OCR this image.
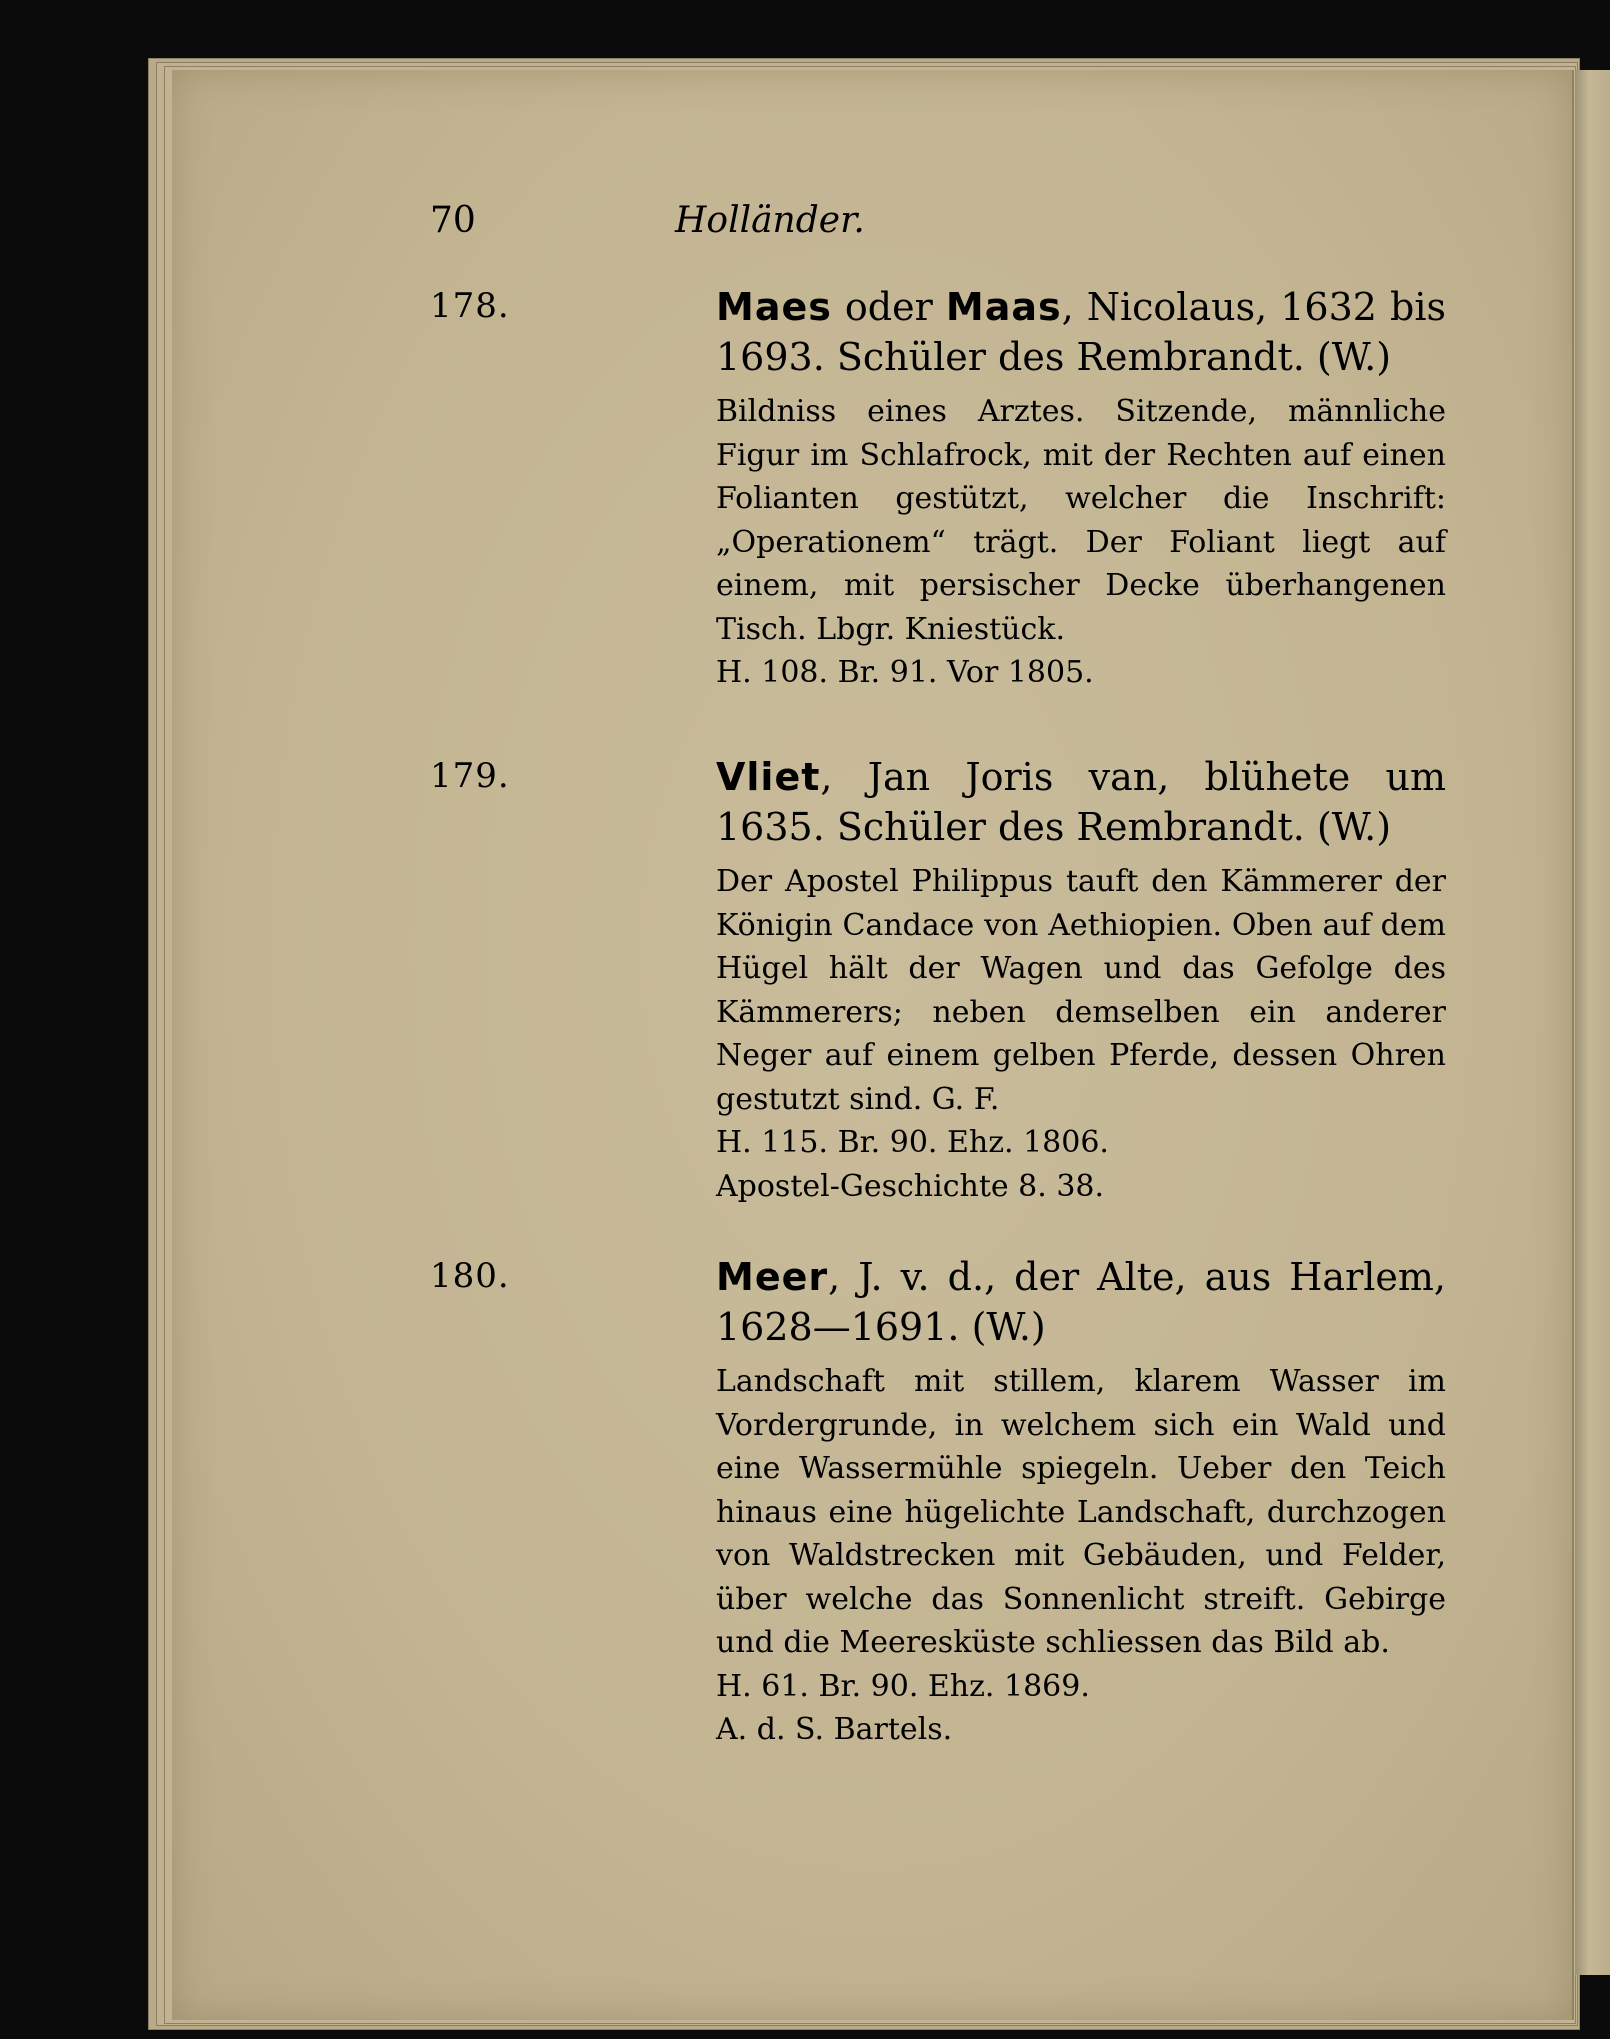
70	Holländer.
178.	Maes oder Maas, Nicolaus, 1632 bis 1693. Schüler des Rembrandt. (W.)

Bildniss eines Arztes. Sitzende, männliche Figur im Schlafrock, mit der Rechten auf einen Folianten gestützt, welcher die Inschrift: „Operationem“ trägt. Der Foliant liegt auf einem, mit persischer Decke überhangenen Tisch. Lbgr. Kniestück.

H. 108. Br. 91. Vor 1805.

179.	Vliet, Jan Joris van, blühete um 1635. Schüler des Rembrandt. (W.)

Der Apostel Philippus tauft den Kämmerer der Königin Candace von Aethiopien. Oben auf dem Hügel hält der Wagen und das Gefolge des Kämmerers; neben demselben ein anderer Neger auf einem gelben Pferde, dessen Ohren gestutzt sind. G. F.

H. 115. Br. 90. Ehz. 1806.

Apostel-Geschichte 8. 38.

180.	Meer, J. v. d., der Alte, aus Harlem, 1628—1691. (W.)

Landschaft mit stillem, klarem Wasser im Vordergrunde, in welchem sich ein Wald und eine Wassermühle spiegeln. Ueber den Teich hinaus eine hügelichte Landschaft, durchzogen von Waldstrecken mit Gebäuden, und Felder, über welche das Sonnenlicht streift. Gebirge und die Meeresküste schliessen das Bild ab.

H. 61. Br. 90. Ehz. 1869.

A. d. S. Bartels.
